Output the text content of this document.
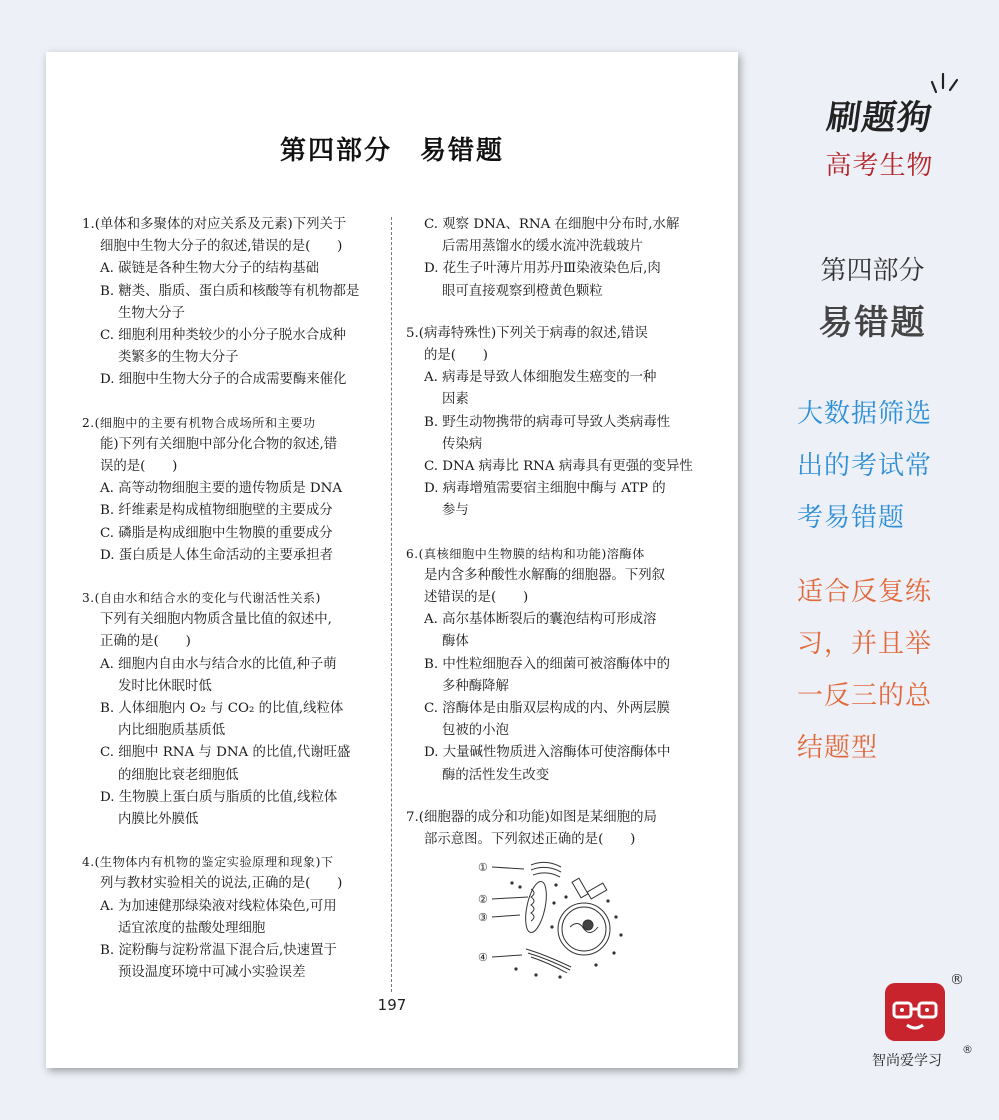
第四部分　易错题
1.(单体和多聚体的对应关系及元素)下列关于
细胞中生物大分子的叙述,错误的是(　　)
A. 碳链是各种生物大分子的结构基础
B. 糖类、脂质、蛋白质和核酸等有机物都是
生物大分子
C. 细胞利用种类较少的小分子脱水合成种
类繁多的生物大分子
D. 细胞中生物大分子的合成需要酶来催化
2.(细胞中的主要有机物合成场所和主要功
能)下列有关细胞中部分化合物的叙述,错
误的是(　　)
A. 高等动物细胞主要的遗传物质是 DNA
B. 纤维素是构成植物细胞壁的主要成分
C. 磷脂是构成细胞中生物膜的重要成分
D. 蛋白质是人体生命活动的主要承担者
3.(自由水和结合水的变化与代谢活性关系)
下列有关细胞内物质含量比值的叙述中,
正确的是(　　)
A. 细胞内自由水与结合水的比值,种子萌
发时比休眠时低
B. 人体细胞内 O₂ 与 CO₂ 的比值,线粒体
内比细胞质基质低
C. 细胞中 RNA 与 DNA 的比值,代谢旺盛
的细胞比衰老细胞低
D. 生物膜上蛋白质与脂质的比值,线粒体
内膜比外膜低
4.(生物体内有机物的鉴定实验原理和现象)下
列与教材实验相关的说法,正确的是(　　)
A. 为加速健那绿染液对线粒体染色,可用
适宜浓度的盐酸处理细胞
B. 淀粉酶与淀粉常温下混合后,快速置于
预设温度环境中可减小实验误差
C. 观察 DNA、RNA 在细胞中分布时,水解
后需用蒸馏水的缓水流冲洗载玻片
D. 花生子叶薄片用苏丹Ⅲ染液染色后,肉
眼可直接观察到橙黄色颗粒
5.(病毒特殊性)下列关于病毒的叙述,错误
的是(　　)
A. 病毒是导致人体细胞发生癌变的一种
因素
B. 野生动物携带的病毒可导致人类病毒性
传染病
C. DNA 病毒比 RNA 病毒具有更强的变异性
D. 病毒增殖需要宿主细胞中酶与 ATP 的
参与
6.(真核细胞中生物膜的结构和功能)溶酶体
是内含多种酸性水解酶的细胞器。下列叙
述错误的是(　　)
A. 高尔基体断裂后的囊泡结构可形成溶
酶体
B. 中性粒细胞吞入的细菌可被溶酶体中的
多种酶降解
C. 溶酶体是由脂双层构成的内、外两层膜
包被的小泡
D. 大量碱性物质进入溶酶体可使溶酶体中
酶的活性发生改变
7.(细胞器的成分和功能)如图是某细胞的局
部示意图。下列叙述正确的是(　　)
①
②
③
④
197
刷题狗
高考生物
第四部分
易错题
大数据筛选
出的考试常
考易错题
适合反复练
习，并且举
一反三的总
结题型
®
智尚爱学习
®
